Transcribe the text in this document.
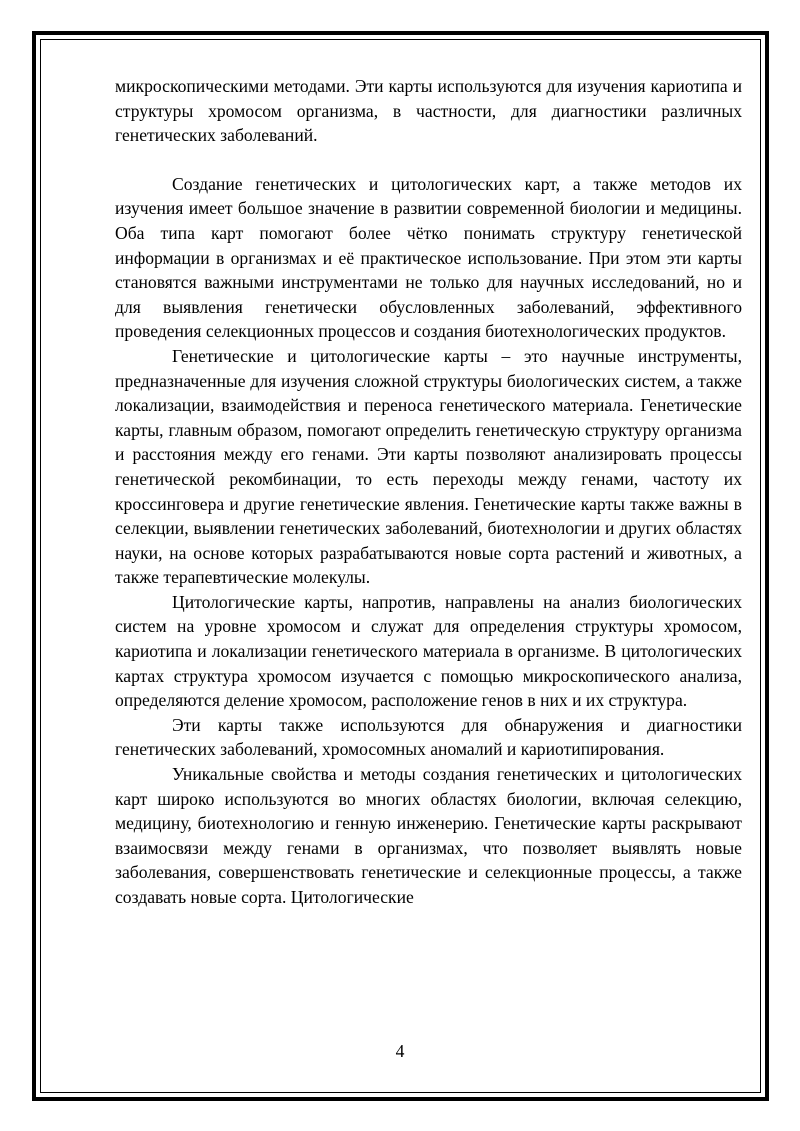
микроскопическими методами. Эти карты используются для изучения кариотипа и структуры хромосом организма, в частности, для диагностики различных генетических заболеваний.

Создание генетических и цитологических карт, а также методов их изучения имеет большое значение в развитии современной биологии и медицины. Оба типа карт помогают более чётко понимать структуру генетической информации в организмах и её практическое использование. При этом эти карты становятся важными инструментами не только для научных исследований, но и для выявления генетически обусловленных заболеваний, эффективного проведения селекционных процессов и создания биотехнологических продуктов.

Генетические и цитологические карты – это научные инструменты, предназначенные для изучения сложной структуры биологических систем, а также локализации, взаимодействия и переноса генетического материала. Генетические карты, главным образом, помогают определить генетическую структуру организма и расстояния между его генами. Эти карты позволяют анализировать процессы генетической рекомбинации, то есть переходы между генами, частоту их кроссинговера и другие генетические явления. Генетические карты также важны в селекции, выявлении генетических заболеваний, биотехнологии и других областях науки, на основе которых разрабатываются новые сорта растений и животных, а также терапевтические молекулы.

Цитологические карты, напротив, направлены на анализ биологических систем на уровне хромосом и служат для определения структуры хромосом, кариотипа и локализации генетического материала в организме. В цитологических картах структура хромосом изучается с помощью микроскопического анализа, определяются деление хромосом, расположение генов в них и их структура.

Эти карты также используются для обнаружения и диагностики генетических заболеваний, хромосомных аномалий и кариотипирования.

Уникальные свойства и методы создания генетических и цитологических карт широко используются во многих областях биологии, включая селекцию, медицину, биотехнологию и генную инженерию. Генетические карты раскрывают взаимосвязи между генами в организмах, что позволяет выявлять новые заболевания, совершенствовать генетические и селекционные процессы, а также создавать новые сорта. Цитологические

4
